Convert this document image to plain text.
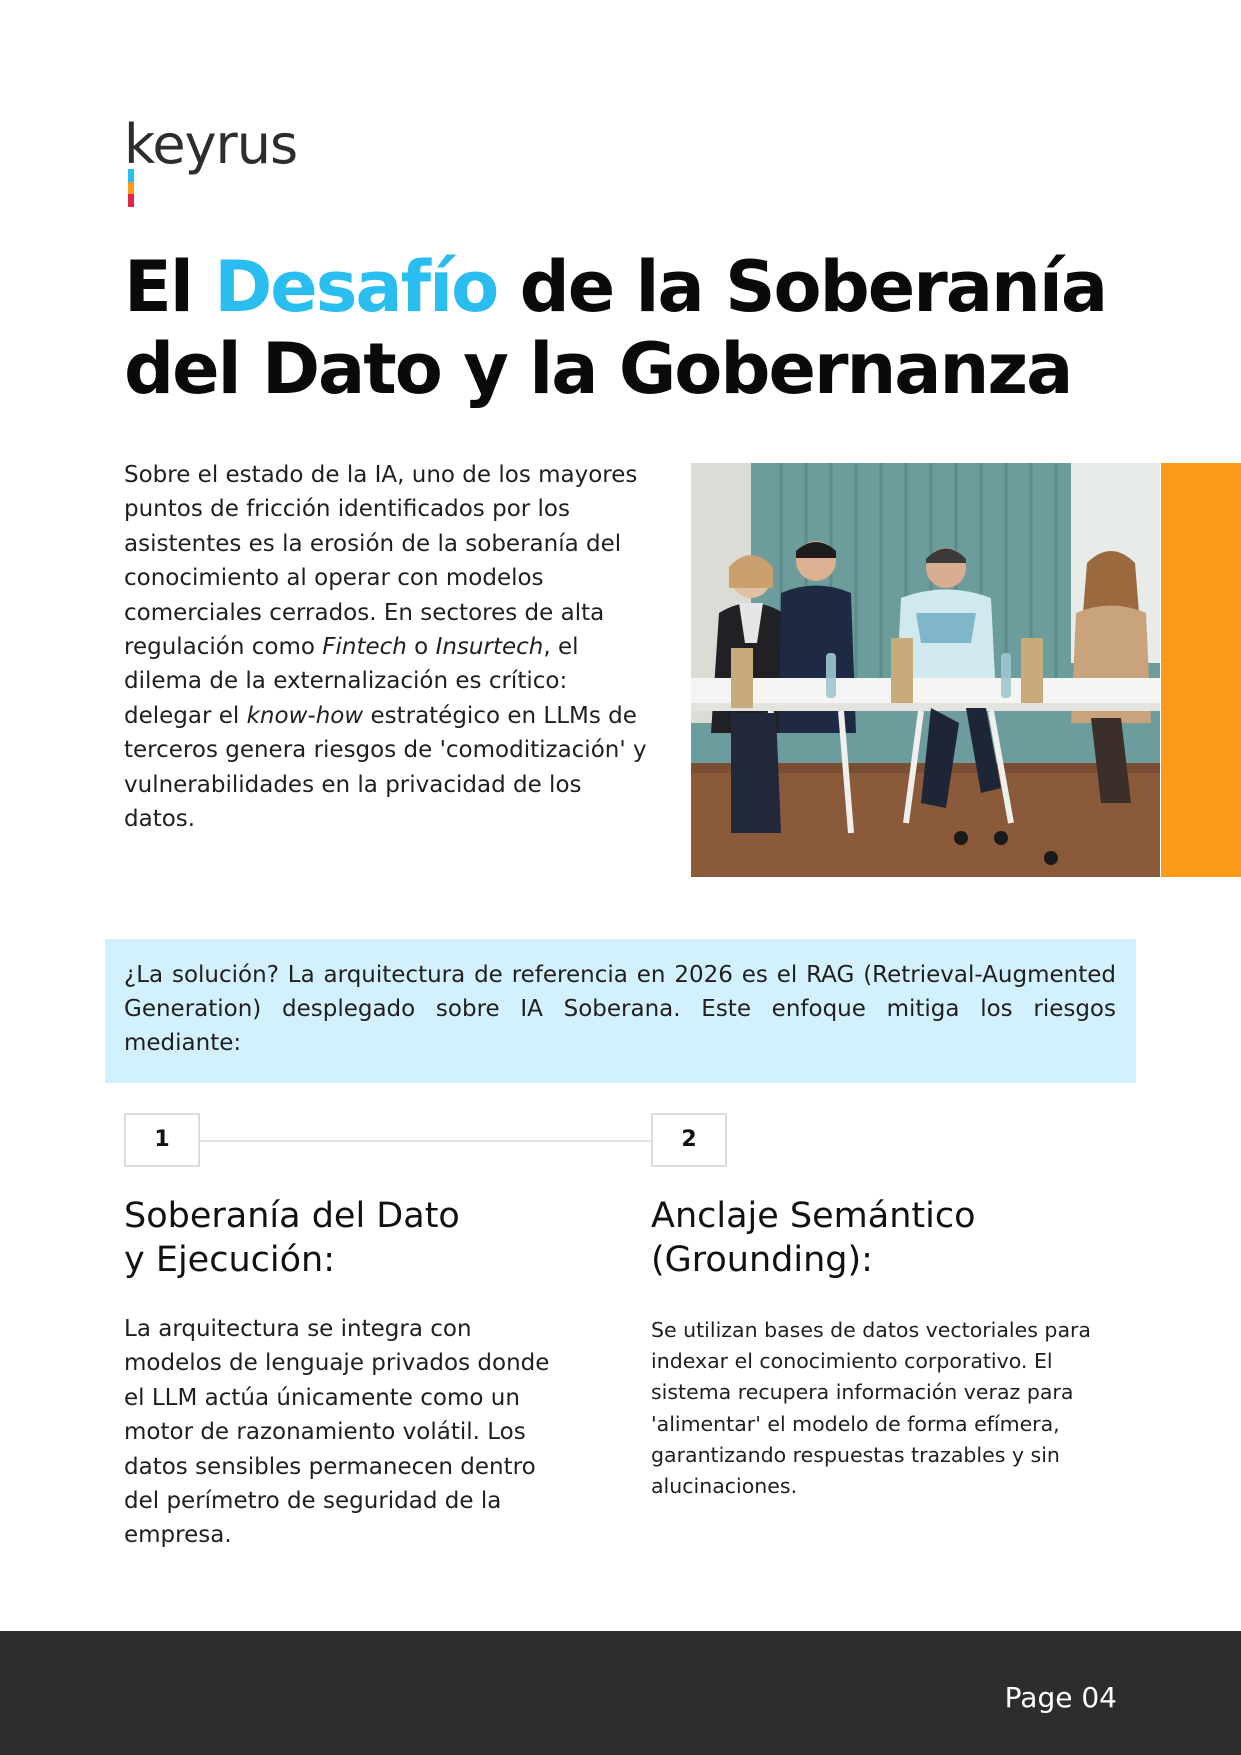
keyrus
El Desafío de la Soberanía
del Dato y la Gobernanza

Sobre el estado de la IA, uno de los mayores puntos de fricción identificados por los asistentes es la erosión de la soberanía del conocimiento al operar con modelos comerciales cerrados. En sectores de alta regulación como Fintech o Insurtech, el dilema de la externalización es crítico: delegar el know-how estratégico en LLMs de terceros genera riesgos de 'comoditización' y vulnerabilidades en la privacidad de los datos.

¿La solución? La arquitectura de referencia en 2026 es el RAG (Retrieval-Augmented Generation) desplegado sobre IA Soberana. Este enfoque mitiga los riesgos mediante:
1	2
Soberanía del Dato
y Ejecución:
Anclaje Semántico
(Grounding):

La arquitectura se integra con modelos de lenguaje privados donde el LLM actúa únicamente como un motor de razonamiento volátil. Los datos sensibles permanecen dentro del perímetro de seguridad de la empresa.

Se utilizan bases de datos vectoriales para indexar el conocimiento corporativo. El sistema recupera información veraz para 'alimentar' el modelo de forma efímera, garantizando respuestas trazables y sin alucinaciones.

Page 04
